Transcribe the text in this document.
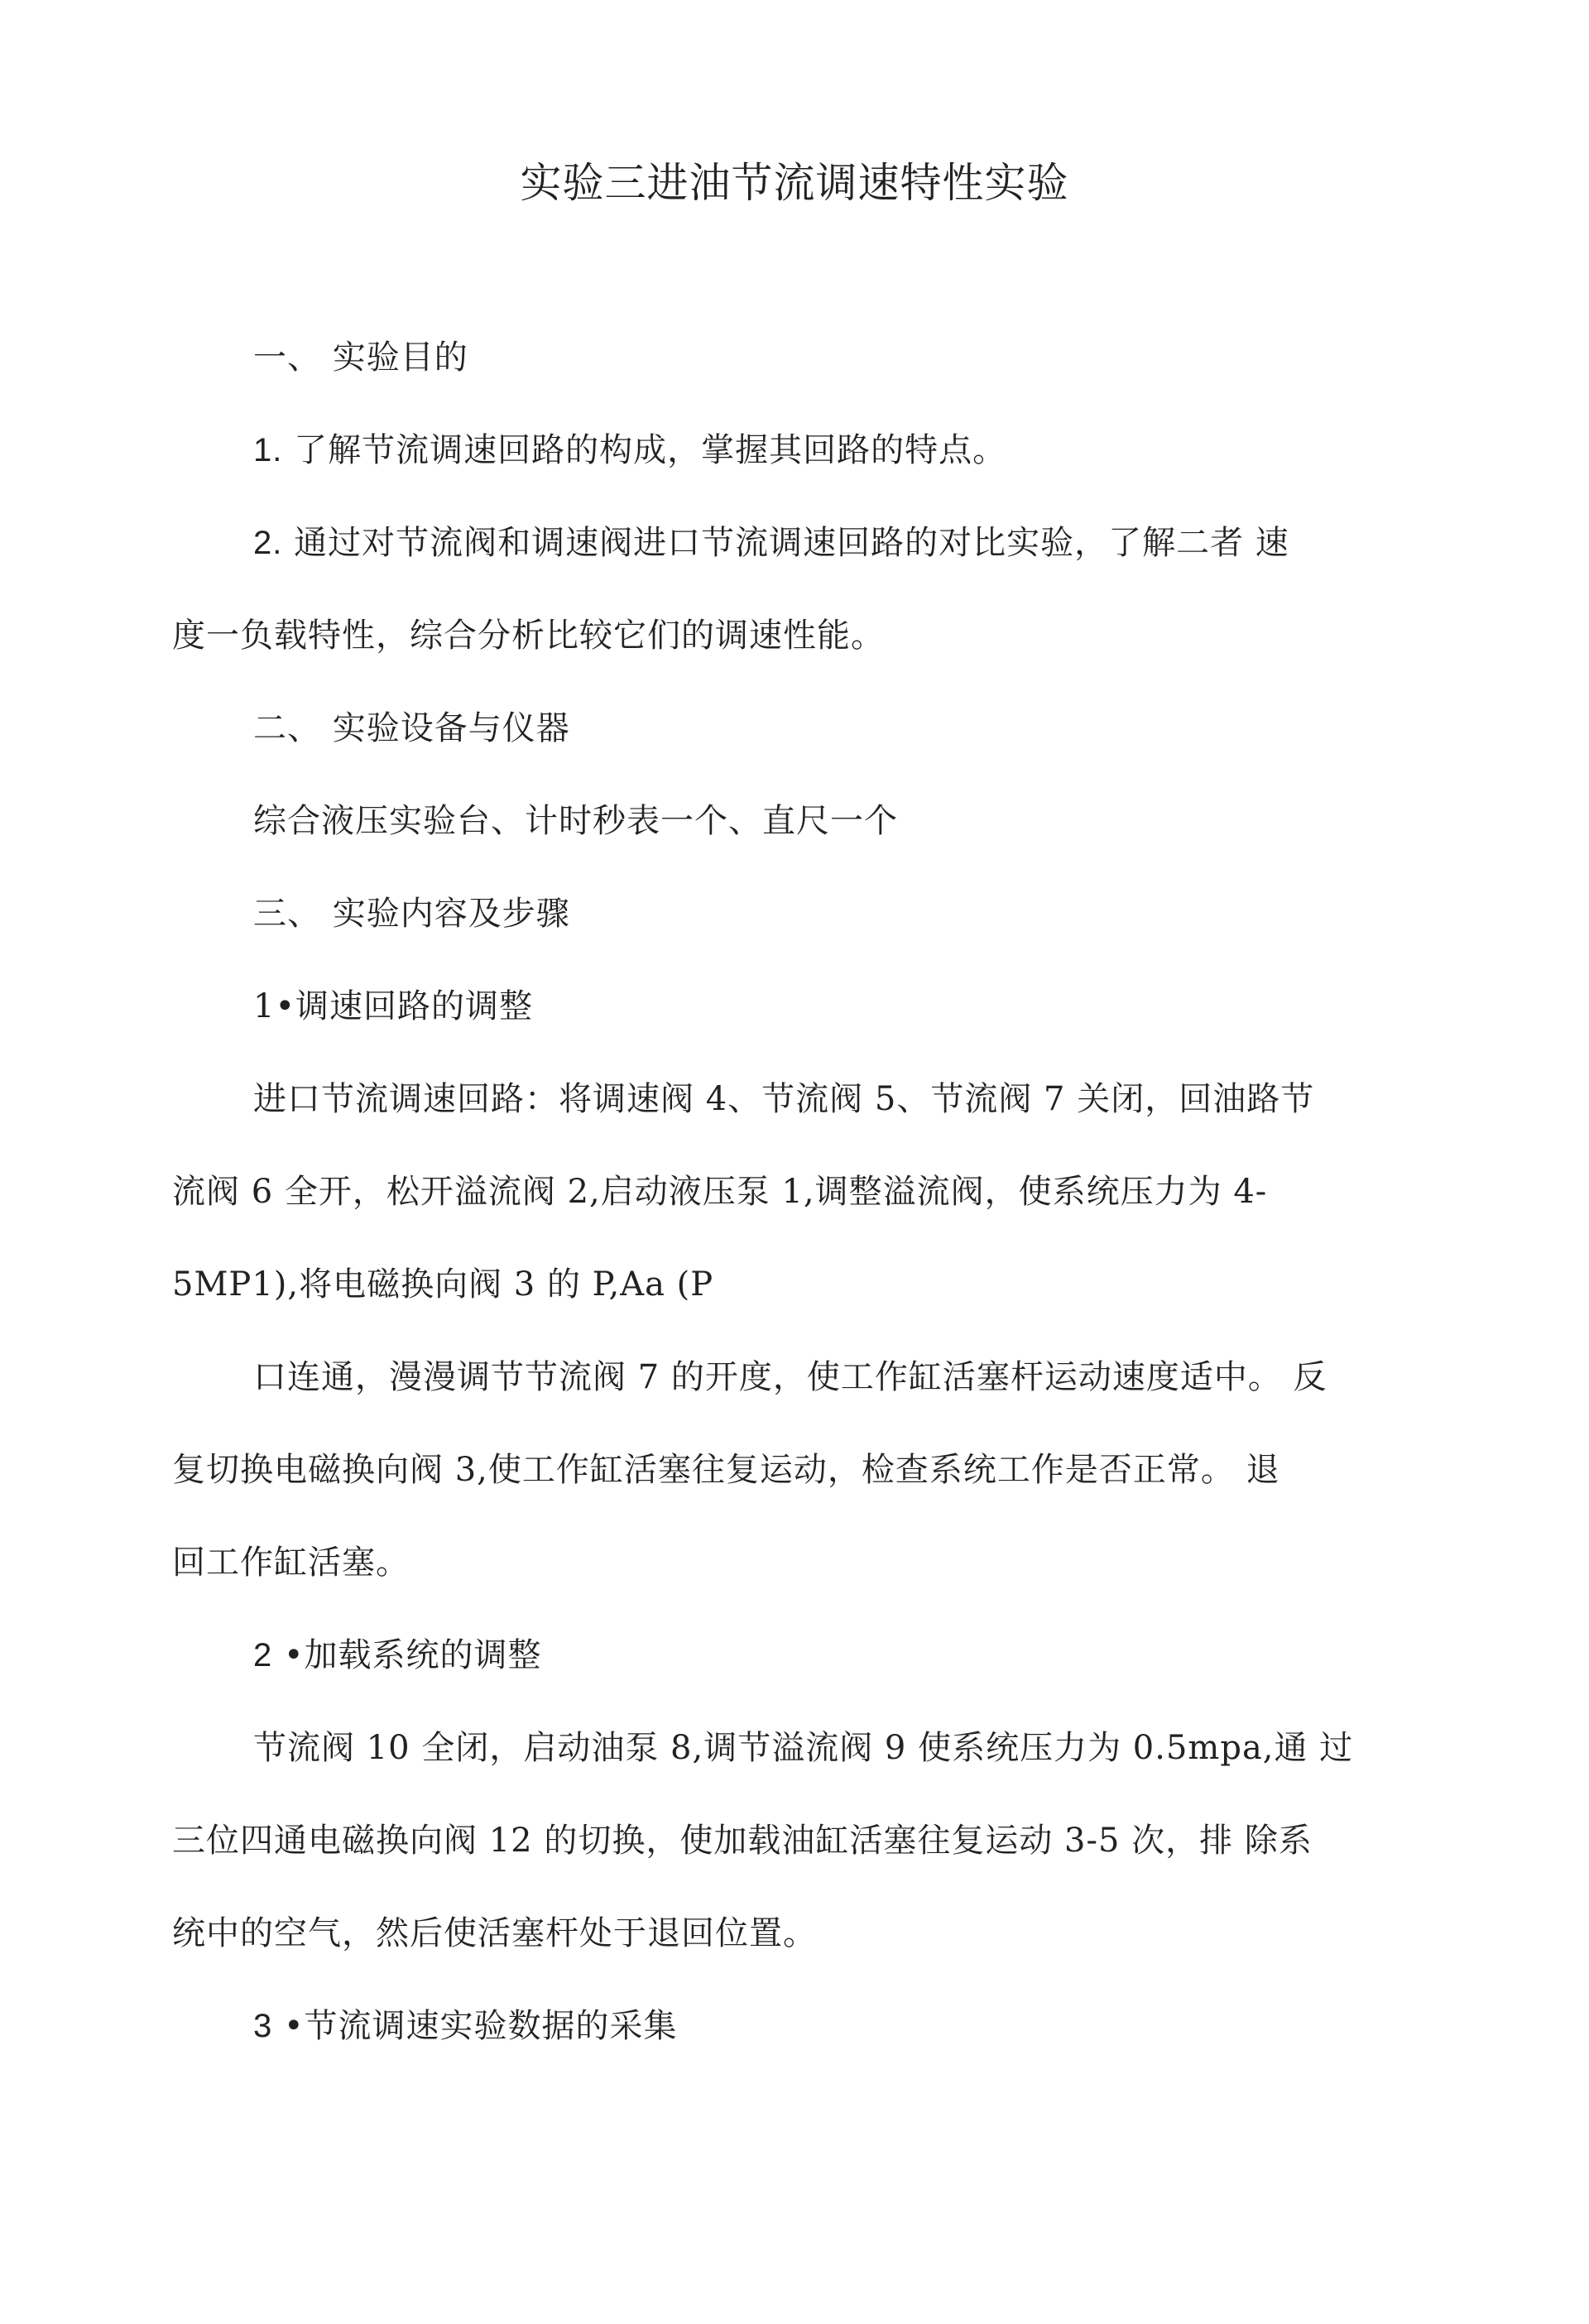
实验三进油节流调速特性实验
一、 实验目的
1. 了解节流调速回路的构成，掌握其回路的特点。
2. 通过对节流阀和调速阀进口节流调速回路的对比实验，了解二者 速
度一负载特性，综合分析比较它们的调速性能。
二、 实验设备与仪器
综合液压实验台、计时秒表一个、直尺一个
三、 实验内容及步骤
1•调速回路的调整
进口节流调速回路：将调速阀 4、节流阀 5、节流阀 7 关闭，回油路节
流阀 6 全开，松开溢流阀 2,启动液压泵 1,调整溢流阀，使系统压力为 4-
5MP1),将电磁换向阀 3 的 P,Aa (P
口连通，漫漫调节节流阀 7 的开度，使工作缸活塞杆运动速度适中。 反
复切换电磁换向阀 3,使工作缸活塞往复运动，检查系统工作是否正常。 退
回工作缸活塞。
2 •加载系统的调整
节流阀 10 全闭，启动油泵 8,调节溢流阀 9 使系统压力为 0.5mpa,通 过
三位四通电磁换向阀 12 的切换，使加载油缸活塞往复运动 3-5 次，排 除系
统中的空气，然后使活塞杆处于退回位置。
3 •节流调速实验数据的采集
